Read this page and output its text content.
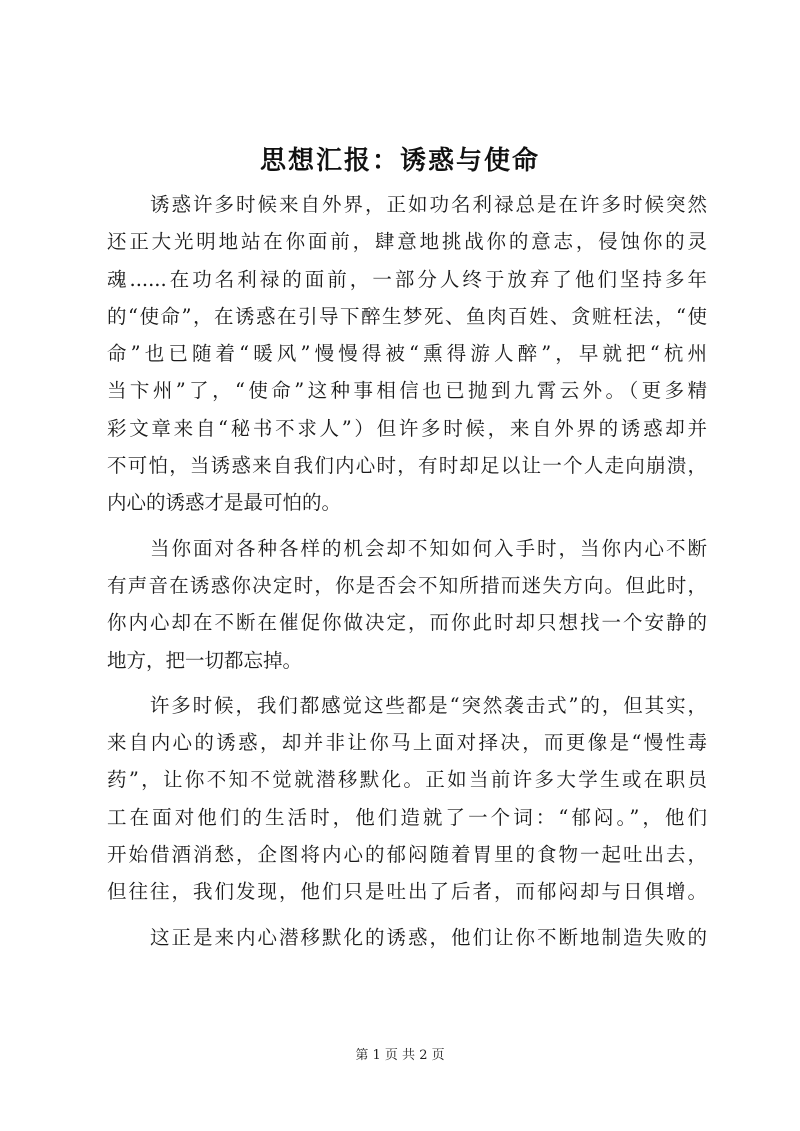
思想汇报：诱惑与使命
　　诱惑许多时候来自外界，正如功名利禄总是在许多时候突然
还正大光明地站在你面前，肆意地挑战你的意志，侵蚀你的灵
魂......在功名利禄的面前，一部分人终于放弃了他们坚持多年
的“使命”，在诱惑在引导下醉生梦死、鱼肉百姓、贪赃枉法，“使
命”也已随着“暖风”慢慢得被“熏得游人醉”，早就把“杭州
当卞州”了，“使命”这种事相信也已抛到九霄云外。（更多精
彩文章来自“秘书不求人”）但许多时候，来自外界的诱惑却并
不可怕，当诱惑来自我们内心时，有时却足以让一个人走向崩溃，
内心的诱惑才是最可怕的。
　　当你面对各种各样的机会却不知如何入手时，当你内心不断
有声音在诱惑你决定时，你是否会不知所措而迷失方向。但此时，
你内心却在不断在催促你做决定，而你此时却只想找一个安静的
地方，把一切都忘掉。
　　许多时候，我们都感觉这些都是“突然袭击式”的，但其实，
来自内心的诱惑，却并非让你马上面对择决，而更像是“慢性毒
药”，让你不知不觉就潜移默化。正如当前许多大学生或在职员
工在面对他们的生活时，他们造就了一个词：“郁闷。”，他们
开始借酒消愁，企图将内心的郁闷随着胃里的食物一起吐出去，
但往往，我们发现，他们只是吐出了后者，而郁闷却与日俱增。
　　这正是来内心潜移默化的诱惑，他们让你不断地制造失败的
第 1 页 共 2 页
